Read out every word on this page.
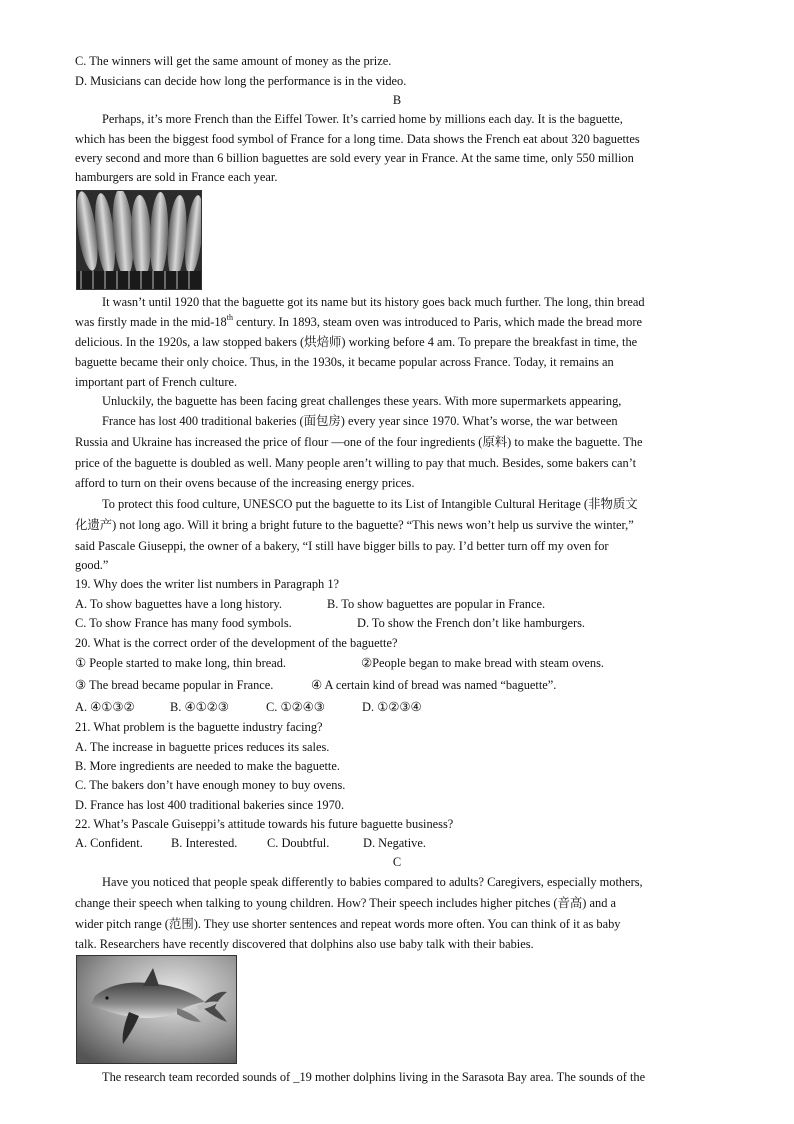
C. The winners will get the same amount of money as the prize.
D. Musicians can decide how long the performance is in the video.
B
Perhaps, it’s more French than the Eiffel Tower. It’s carried home by millions each day. It is the baguette,
which has been the biggest food symbol of France for a long time. Data shows the French eat about 320 baguettes
every second and more than 6 billion baguettes are sold every year in France. At the same time, only 550 million
hamburgers are sold in France each year.
It wasn’t until 1920 that the baguette got its name but its history goes back much further. The long, thin bread
was firstly made in the mid-18th century. In 1893, steam oven was introduced to Paris, which made the bread more
delicious. In the 1920s, a law stopped bakers (烘焙师) working before 4 am. To prepare the breakfast in time, the
baguette became their only choice. Thus, in the 1930s, it became popular across France. Today, it remains an
important part of French culture.
Unluckily, the baguette has been facing great challenges these years. With more supermarkets appearing,
France has lost 400 traditional bakeries (面包房) every year since 1970. What’s worse, the war between
Russia and Ukraine has increased the price of flour —one of the four ingredients (原料) to make the baguette. The
price of the baguette is doubled as well. Many people aren’t willing to pay that much. Besides, some bakers can’t
afford to turn on their ovens because of the increasing energy prices.
To protect this food culture, UNESCO put the baguette to its List of Intangible Cultural Heritage (非物质文
化遗产) not long ago. Will it bring a bright future to the baguette? “This news won’t help us survive the winter,”
said Pascale Giuseppi, the owner of a bakery, “I still have bigger bills to pay. I’d better turn off my oven for
good.”
19. Why does the writer list numbers in Paragraph 1?
A. To show baguettes have a long history.	B. To show baguettes are popular in France.
C. To show France has many food symbols.	D. To show the French don’t like hamburgers.
20. What is the correct order of the development of the baguette?
① People started to make long, thin bread.	②People began to make bread with steam ovens.
③ The bread became popular in France.	④ A certain kind of bread was named “baguette”.
A. ④①③②	B. ④①②③	C. ①②④③	D. ①②③④
21. What problem is the baguette industry facing?
A. The increase in baguette prices reduces its sales.
B. More ingredients are needed to make the baguette.
C. The bakers don’t have enough money to buy ovens.
D. France has lost 400 traditional bakeries since 1970.
22. What’s Pascale Guiseppi’s attitude towards his future baguette business?
A. Confident. B. Interested. C. Doubtful.	D. Negative.
C
Have you noticed that people speak differently to babies compared to adults? Caregivers, especially mothers,
change their speech when talking to young children. How? Their speech includes higher pitches (音高) and a
wider pitch range (范围). They use shorter sentences and repeat words more often. You can think of it as baby
talk. Researchers have recently discovered that dolphins also use baby talk with their babies.
The research team recorded sounds of _19 mother dolphins living in the Sarasota Bay area. The sounds of the
